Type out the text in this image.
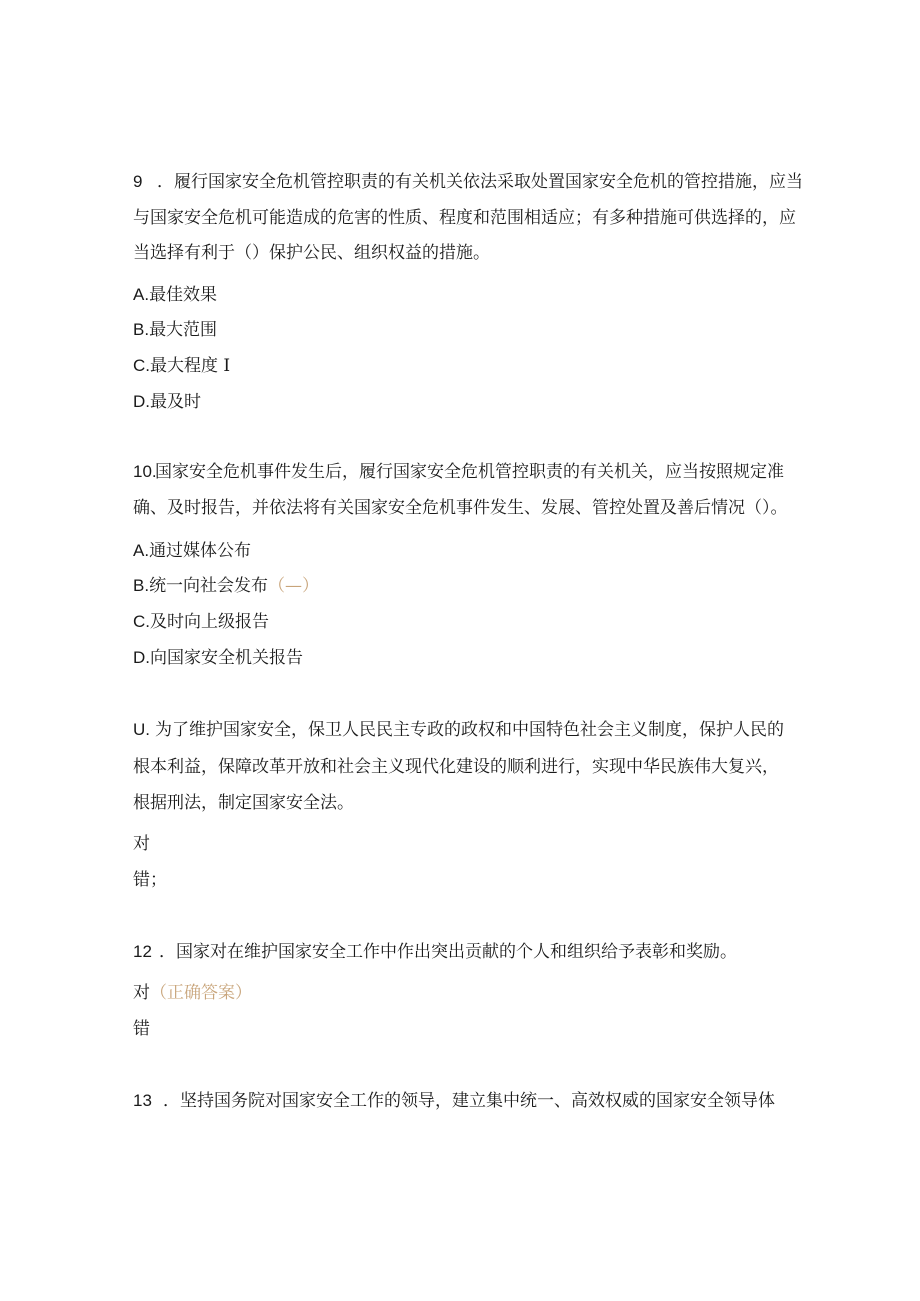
9 ．履行国家安全危机管控职责的有关机关依法采取处置国家安全危机的管控措施，应当
与国家安全危机可能造成的危害的性质、程度和范围相适应；有多种措施可供选择的，应
当选择有利于（）保护公民、组织权益的措施。
A.最佳效果
B.最大范围
C.最大程度 I
D.最及时
10.国家安全危机事件发生后，履行国家安全危机管控职责的有关机关，应当按照规定准
确、及时报告，并依法将有关国家安全危机事件发生、发展、管控处置及善后情况（）。
A.通过媒体公布
B.统一向社会发布（—）
C.及时向上级报告
D.向国家安全机关报告
U. 为了维护国家安全，保卫人民民主专政的政权和中国特色社会主义制度，保护人民的
根本利益，保障改革开放和社会主义现代化建设的顺利进行，实现中华民族伟大复兴，
根据刑法，制定国家安全法。
对
错；
12 ．国家对在维护国家安全工作中作出突出贡献的个人和组织给予表彰和奖励。
对（正确答案）
错
13 ．坚持国务院对国家安全工作的领导，建立集中统一、高效权威的国家安全领导体
